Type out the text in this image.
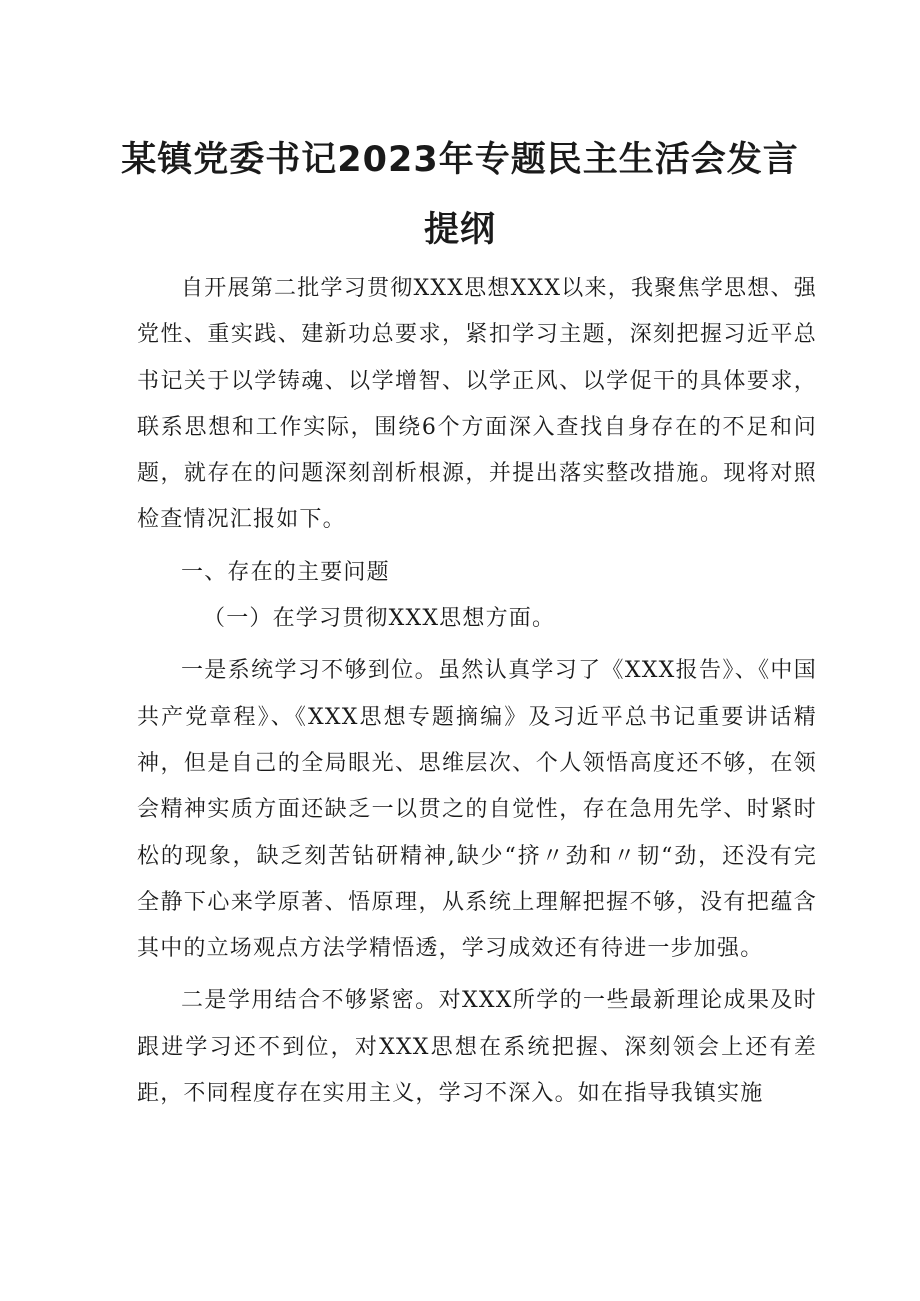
某镇党委书记2023年专题民主生活会发言
提纲

自开展第二批学习贯彻XXX思想XXX以来，我聚焦学思想、强党性、重实践、建新功总要求，紧扣学习主题，深刻把握习近平总书记关于以学铸魂、以学增智、以学正风、以学促干的具体要求，联系思想和工作实际，围绕6个方面深入查找自身存在的不足和问题，就存在的问题深刻剖析根源，并提出落实整改措施。现将对照检查情况汇报如下。

一、存在的主要问题

（一）在学习贯彻XXX思想方面。

一是系统学习不够到位。虽然认真学习了《XXX报告》、《中国共产党章程》、《XXX思想专题摘编》及习近平总书记重要讲话精神，但是自己的全局眼光、思维层次、个人领悟高度还不够，在领会精神实质方面还缺乏一以贯之的自觉性，存在急用先学、时紧时松的现象，缺乏刻苦钻研精神,缺少“挤〃劲和〃韧“劲，还没有完全静下心来学原著、悟原理，从系统上理解把握不够，没有把蕴含其中的立场观点方法学精悟透，学习成效还有待进一步加强。

二是学用结合不够紧密。对XXX所学的一些最新理论成果及时跟进学习还不到位，对XXX思想在系统把握、深刻领会上还有差距，不同程度存在实用主义，学习不深入。如在指导我镇实施
